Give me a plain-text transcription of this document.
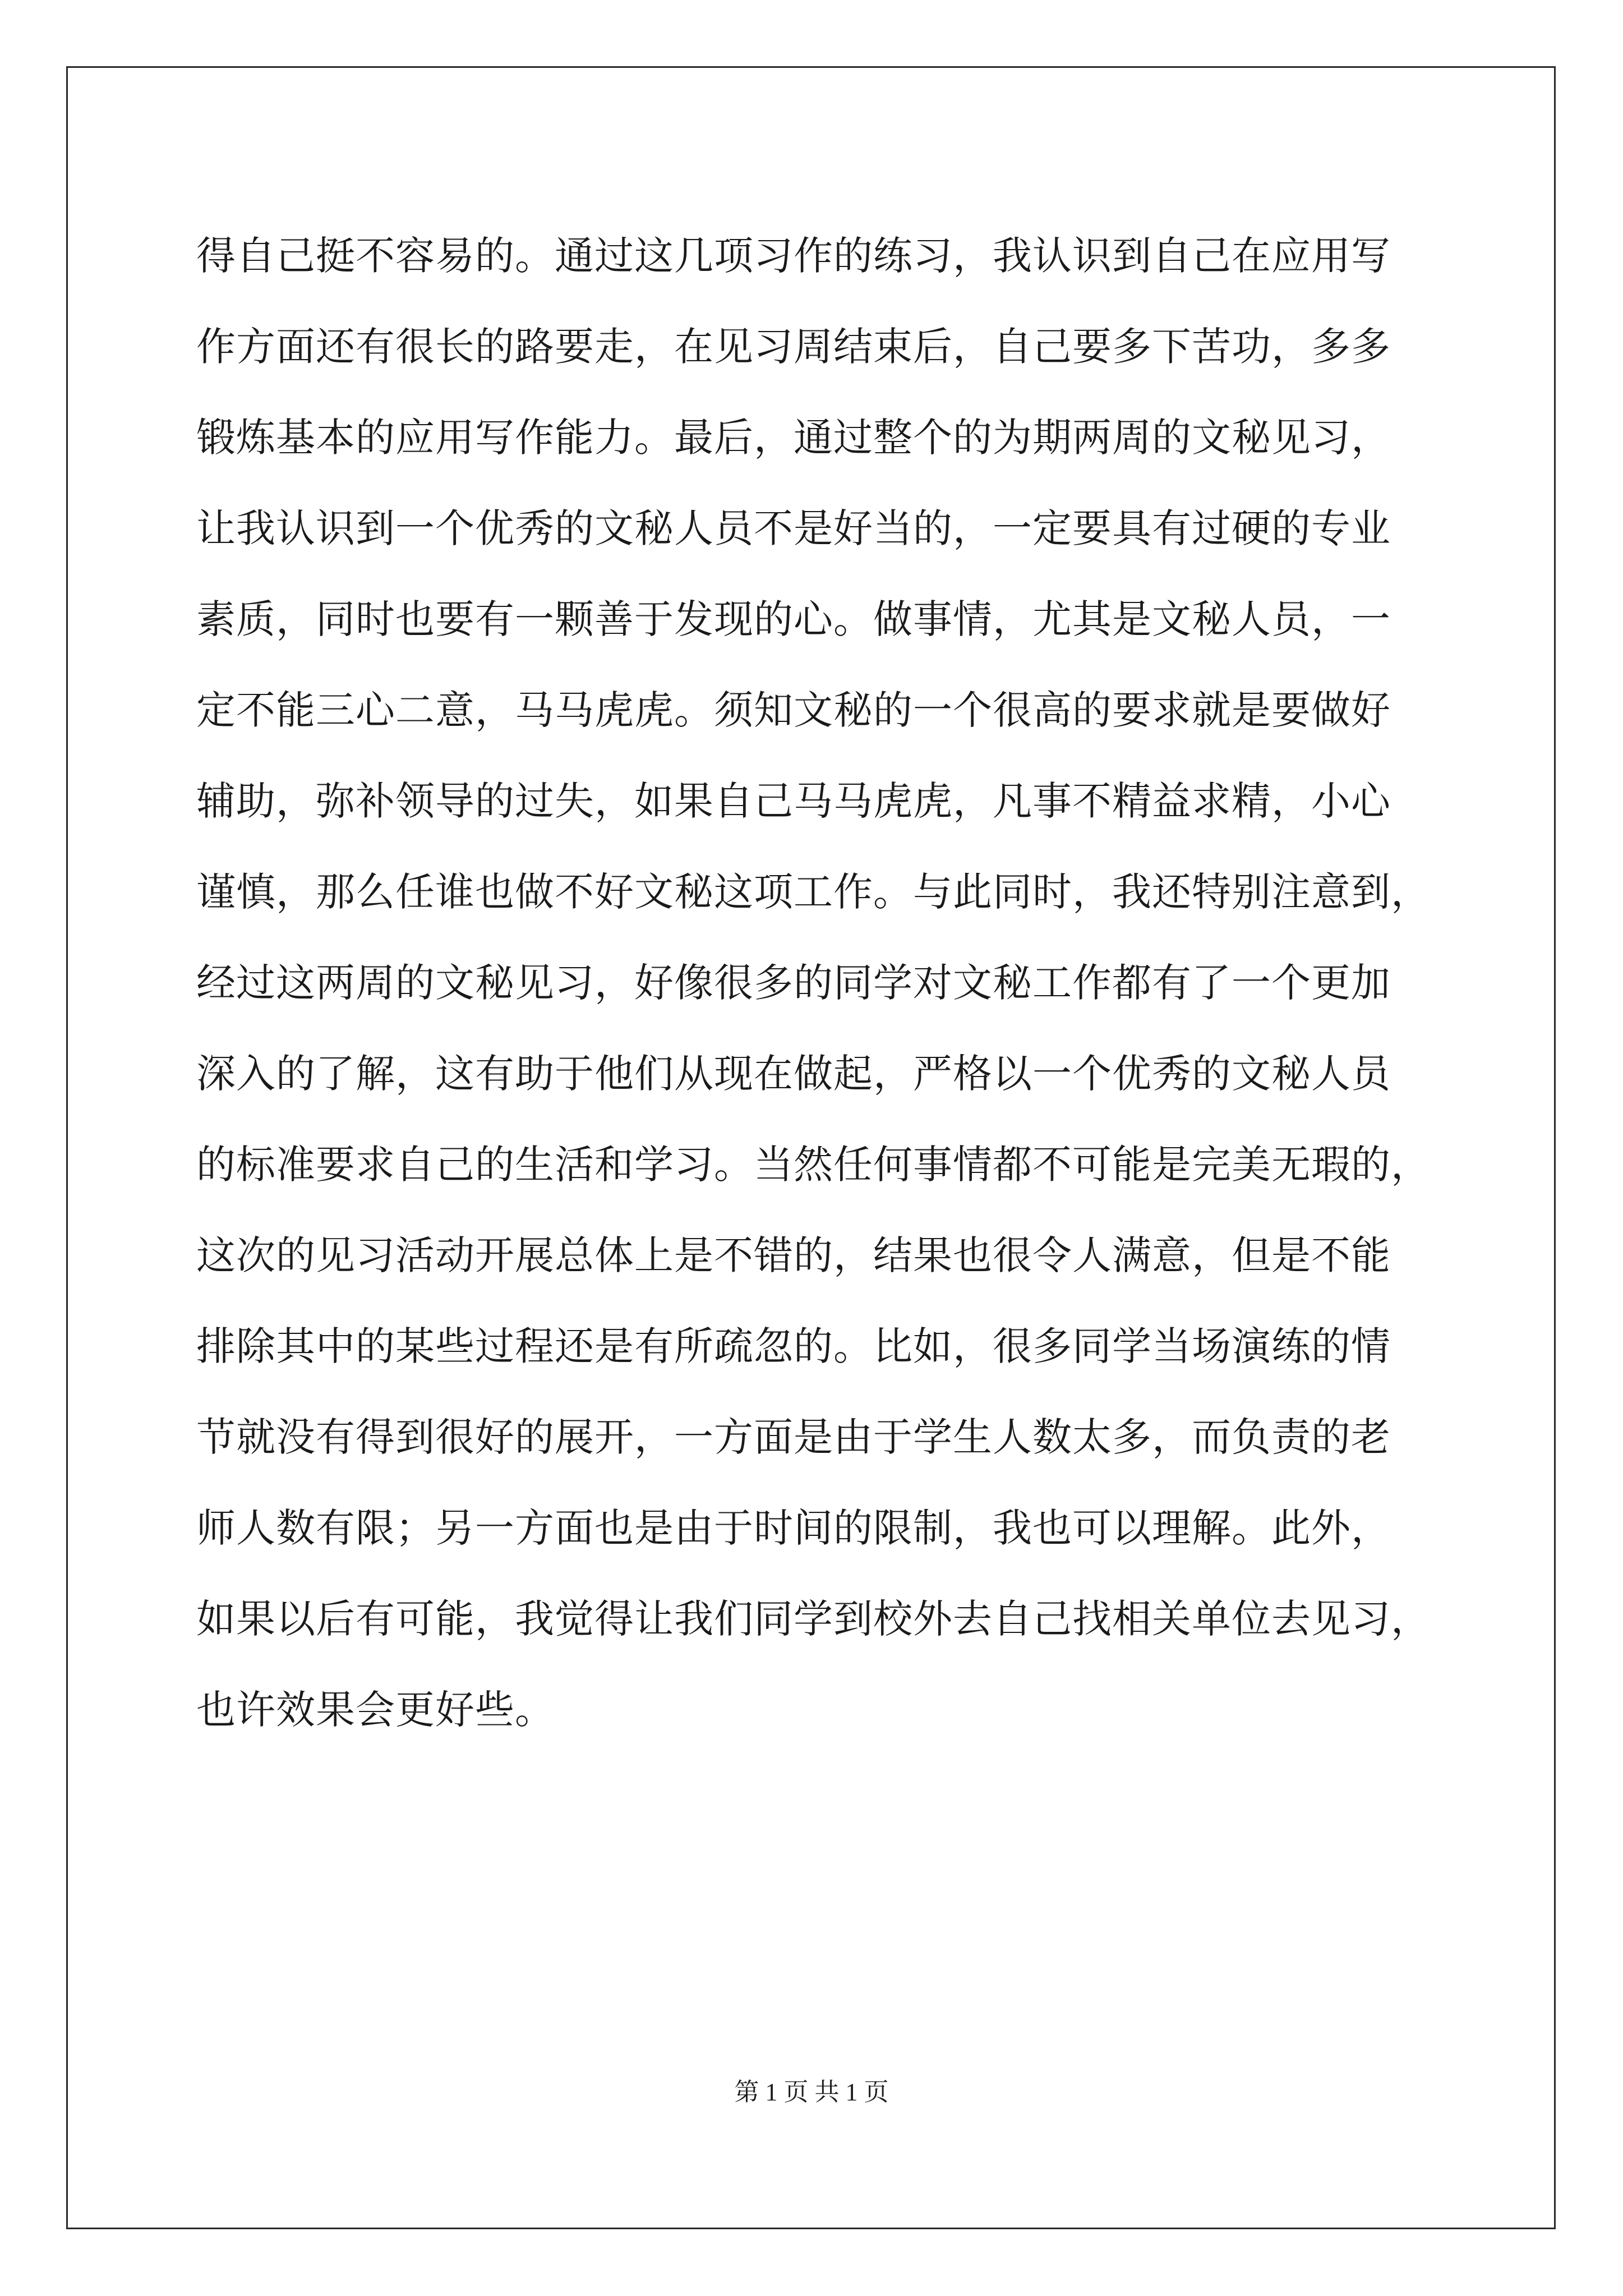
得自己挺不容易的。通过这几项习作的练习，我认识到自己在应用写
作方面还有很长的路要走，在见习周结束后，自己要多下苦功，多多
锻炼基本的应用写作能力。最后，通过整个的为期两周的文秘见习，
让我认识到一个优秀的文秘人员不是好当的，一定要具有过硬的专业
素质，同时也要有一颗善于发现的心。做事情，尤其是文秘人员，一
定不能三心二意，马马虎虎。须知文秘的一个很高的要求就是要做好
辅助，弥补领导的过失，如果自己马马虎虎，凡事不精益求精，小心
谨慎，那么任谁也做不好文秘这项工作。与此同时，我还特别注意到，
经过这两周的文秘见习，好像很多的同学对文秘工作都有了一个更加
深入的了解，这有助于他们从现在做起，严格以一个优秀的文秘人员
的标准要求自己的生活和学习。当然任何事情都不可能是完美无瑕的，
这次的见习活动开展总体上是不错的，结果也很令人满意，但是不能
排除其中的某些过程还是有所疏忽的。比如，很多同学当场演练的情
节就没有得到很好的展开，一方面是由于学生人数太多，而负责的老
师人数有限；另一方面也是由于时间的限制，我也可以理解。此外，
如果以后有可能，我觉得让我们同学到校外去自己找相关单位去见习，
也许效果会更好些。
第 1 页 共 1 页
